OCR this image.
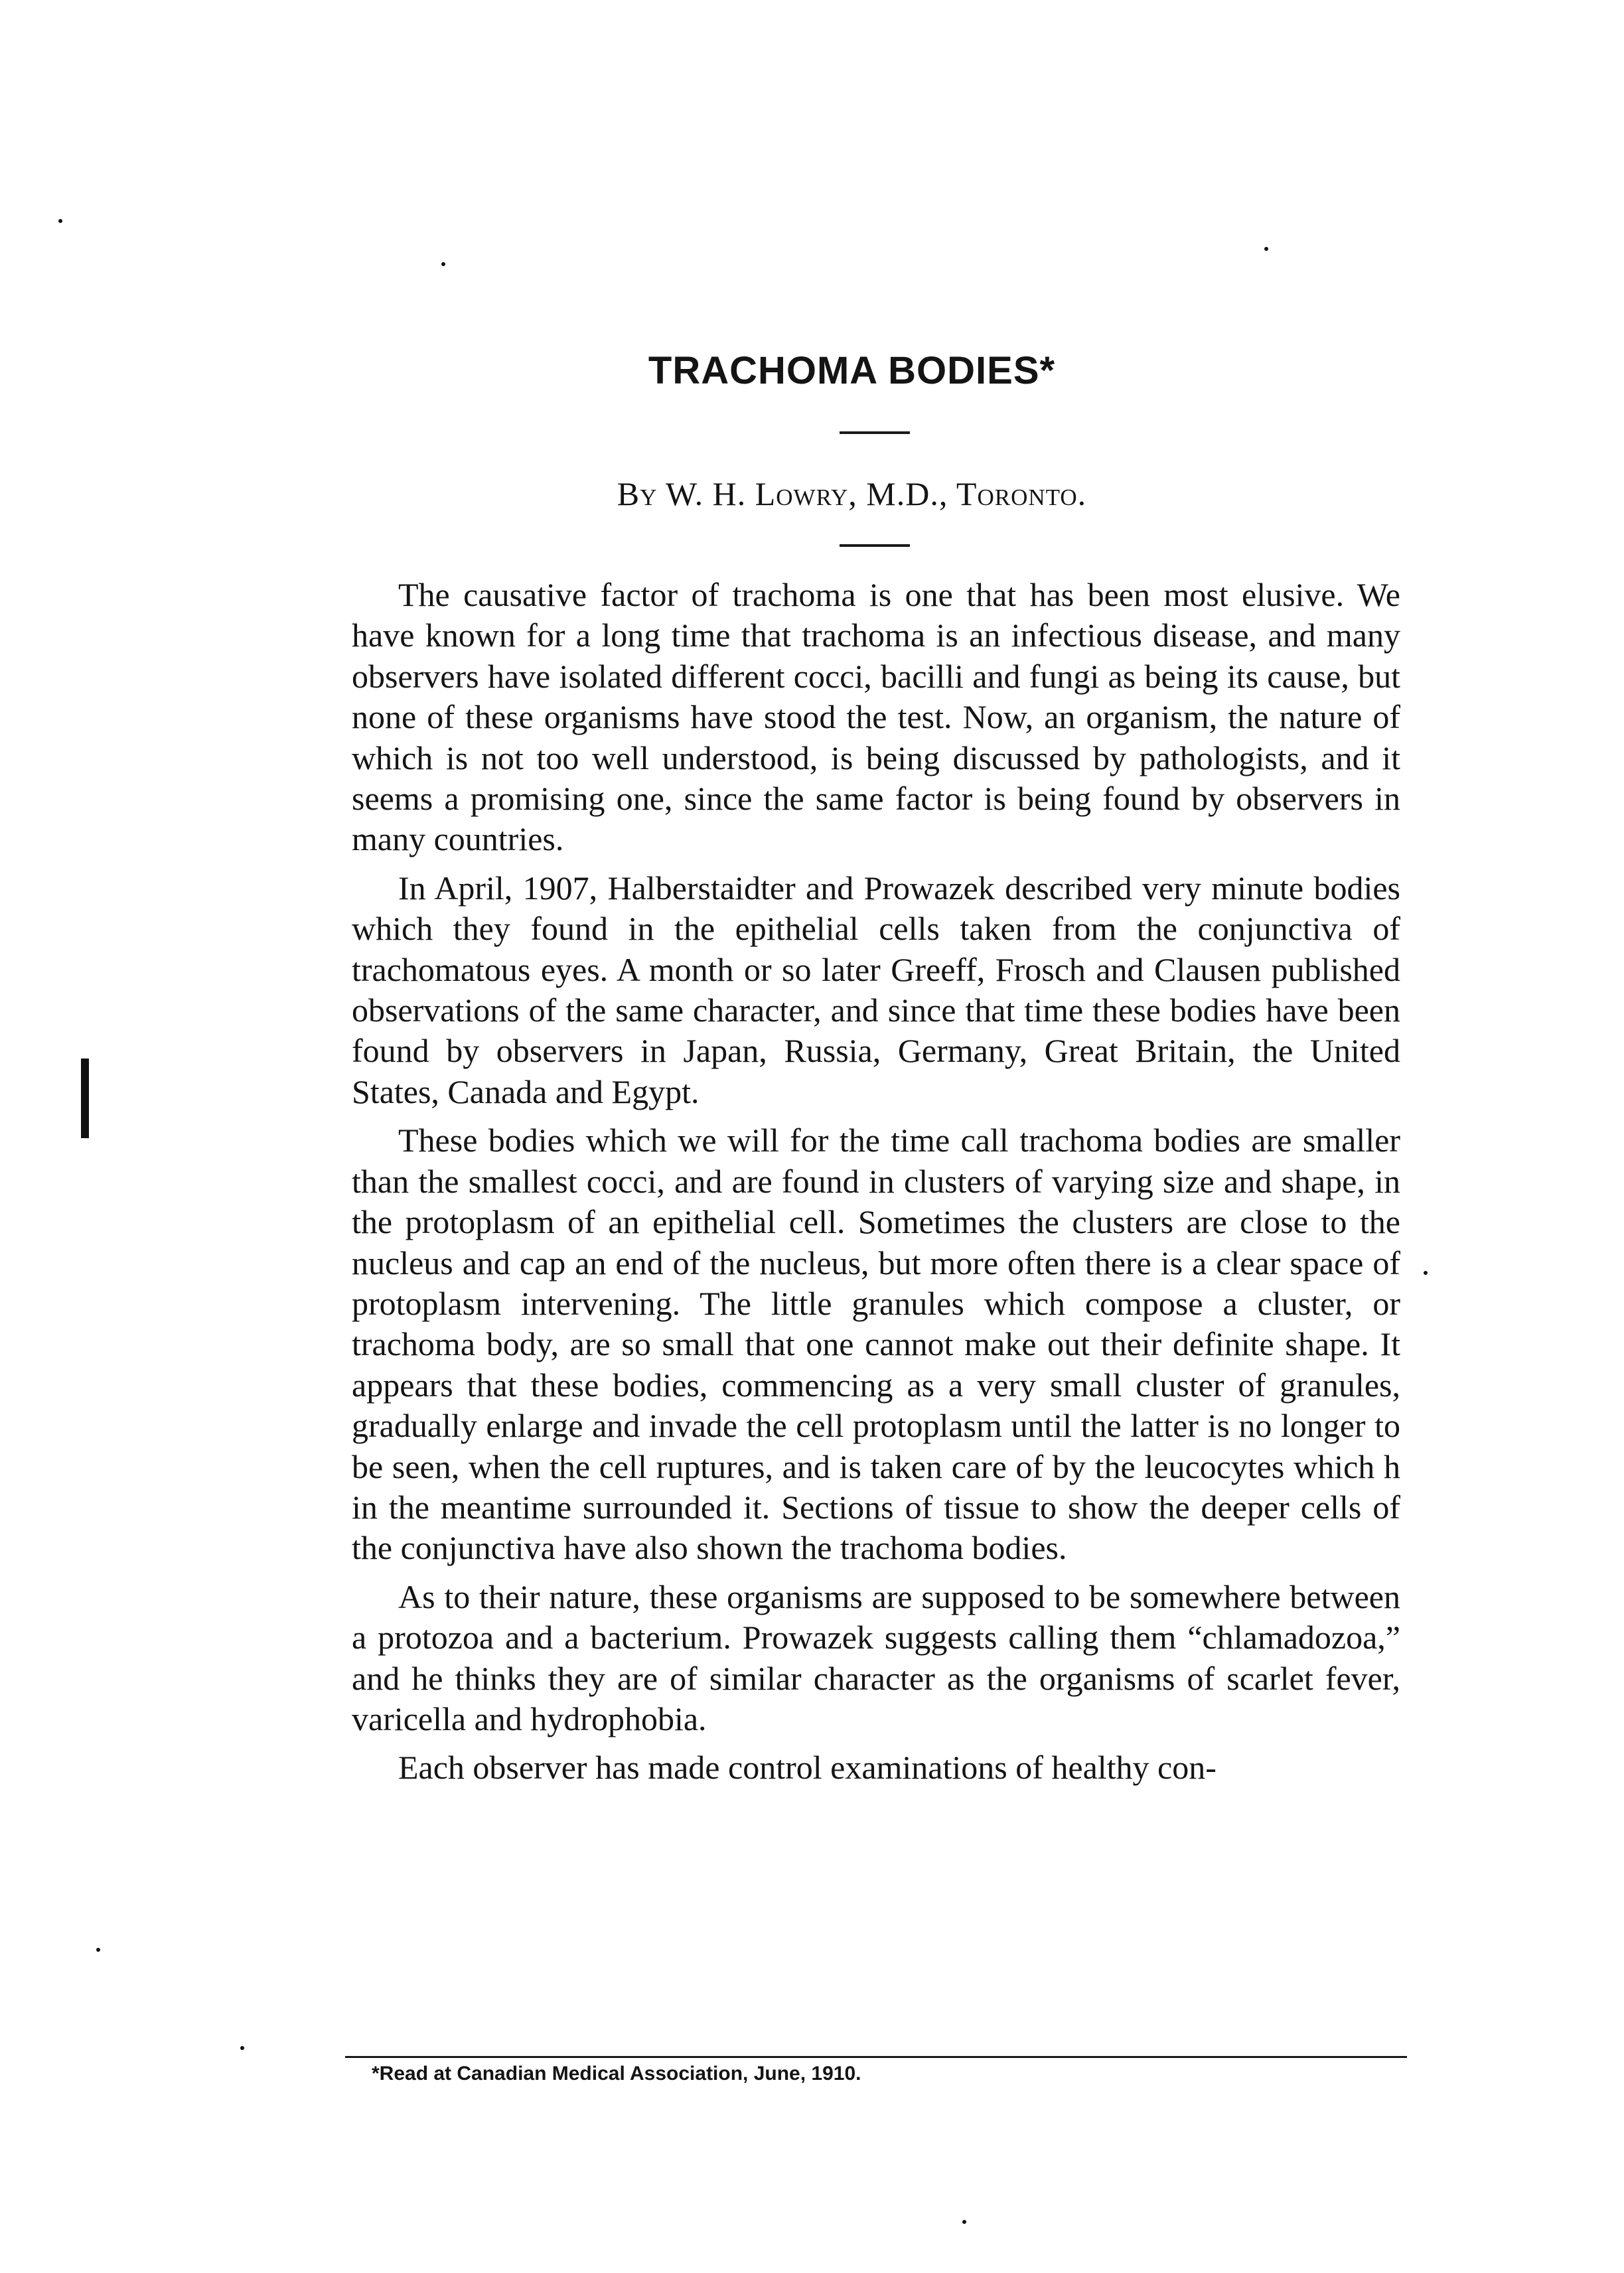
TRACHOMA BODIES*
By W. H. Lowry, M.D., Toronto.

The causative factor of trachoma is one that has been most elusive. We have known for a long time that trachoma is an infectious disease, and many observers have isolated different cocci, bacilli and fungi as being its cause, but none of these organisms have stood the test. Now, an organism, the nature of which is not too well understood, is being discussed by pathologists, and it seems a promising one, since the same factor is being found by observers in many countries.

In April, 1907, Halberstaidter and Prowazek described very minute bodies which they found in the epithelial cells taken from the conjunctiva of trachomatous eyes. A month or so later Greeff, Frosch and Clausen published observations of the same character, and since that time these bodies have been found by observers in Japan, Russia, Germany, Great Britain, the United States, Canada and Egypt.

These bodies which we will for the time call trachoma bodies are smaller than the smallest cocci, and are found in clusters of varying size and shape, in the protoplasm of an epithelial cell. Sometimes the clusters are close to the nucleus and cap an end of the nucleus, but more often there is a clear space of protoplasm intervening. The little granules which compose a cluster, or trachoma body, are so small that one cannot make out their definite shape. It appears that these bodies, commencing as a very small cluster of granules, gradually enlarge and invade the cell protoplasm until the latter is no longer to be seen, when the cell ruptures, and is taken care of by the leucocytes which h in the meantime surrounded it. Sections of tissue to show the deeper cells of the conjunctiva have also shown the trachoma bodies.

As to their nature, these organisms are supposed to be somewhere between a protozoa and a bacterium. Prowazek suggests calling them “chlamadozoa,” and he thinks they are of similar character as the organisms of scarlet fever, varicella and hydrophobia.

Each observer has made control examinations of healthy con-

*Read at Canadian Medical Association, June, 1910.
